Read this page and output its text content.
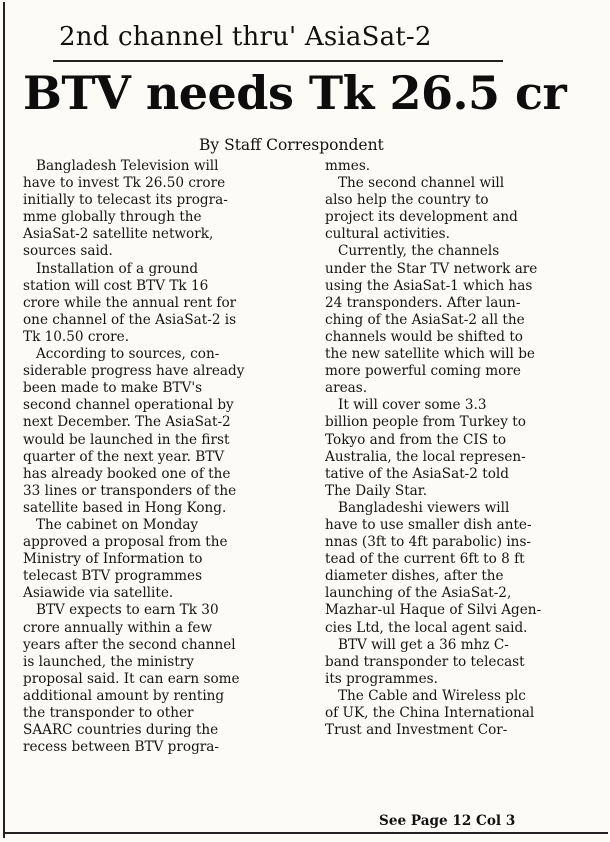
2nd channel thru' AsiaSat-2
BTV needs Tk 26.5 cr
By Staff Correspondent
Bangladesh Television will
have to invest Tk 26.50 crore
initially to telecast its progra-
mme globally through the
AsiaSat-2 satellite network,
sources said.
Installation of a ground
station will cost BTV Tk 16
crore while the annual rent for
one channel of the AsiaSat-2 is
Tk 10.50 crore.
According to sources, con-
siderable progress have already
been made to make BTV's
second channel operational by
next December. The AsiaSat-2
would be launched in the first
quarter of the next year. BTV
has already booked one of the
33 lines or transponders of the
satellite based in Hong Kong.
The cabinet on Monday
approved a proposal from the
Ministry of Information to
telecast BTV programmes
Asiawide via satellite.
BTV expects to earn Tk 30
crore annually within a few
years after the second channel
is launched, the ministry
proposal said. It can earn some
additional amount by renting
the transponder to other
SAARC countries during the
recess between BTV progra-
mmes.
The second channel will
also help the country to
project its development and
cultural activities.
Currently, the channels
under the Star TV network are
using the AsiaSat-1 which has
24 transponders. After laun-
ching of the AsiaSat-2 all the
channels would be shifted to
the new satellite which will be
more powerful coming more
areas.
It will cover some 3.3
billion people from Turkey to
Tokyo and from the CIS to
Australia, the local represen-
tative of the AsiaSat-2 told
The Daily Star.
Bangladeshi viewers will
have to use smaller dish ante-
nnas (3ft to 4ft parabolic) ins-
tead of the current 6ft to 8 ft
diameter dishes, after the
launching of the AsiaSat-2,
Mazhar-ul Haque of Silvi Agen-
cies Ltd, the local agent said.
BTV will get a 36 mhz C-
band transponder to telecast
its programmes.
The Cable and Wireless plc
of UK, the China International
Trust and Investment Cor-
See Page 12 Col 3
